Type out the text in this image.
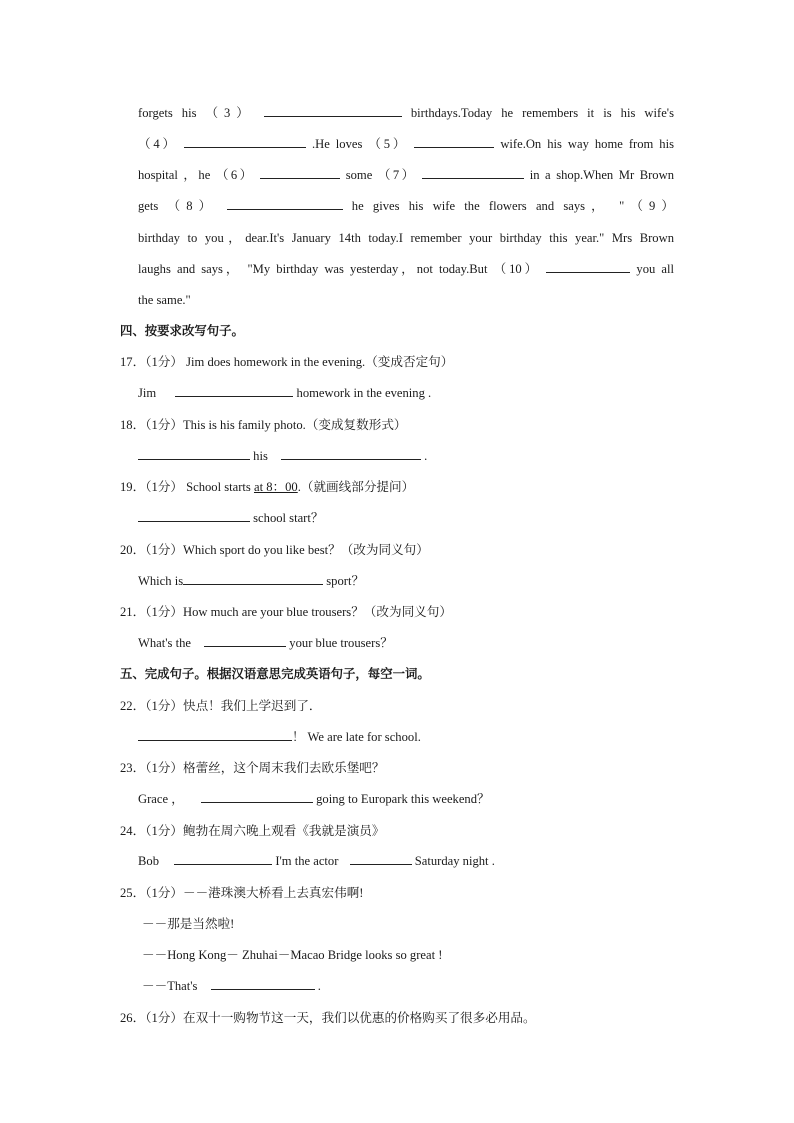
forgets his （3）	birthdays.Today he remembers it is his wife's
（4）	.He loves （5）	wife.On his way home from his
hospital ，he （6）	some （7）	in a shop.When Mr Brown
gets （8）	he gives his wife the flowers and says， "（9）
birthday to you，dear.It's January 14th today.I remember your birthday this year." Mrs Brown
laughs and says， "My birthday was yesterday，not today.But （10）	you all
the same."
四、按要求改写句子。
17．（1分） Jim does homework in the evening.（变成否定句）
Jim	homework in the evening .
18．（1分）This is his family photo.（变成复数形式）
his	.
19．（1分） School starts at 8：00.（就画线部分提问）
school start？
20．（1分）Which sport do you like best？（改为同义句）
Which is	sport？
21．（1分）How much are your blue trousers？（改为同义句）
What's the	your blue trousers？
五、完成句子。根据汉语意思完成英语句子，每空一词。
22．（1分）快点！我们上学迟到了．
！ We are late for school.
23．（1分）格蕾丝，这个周末我们去欧乐堡吧？
Grace ，	going to Europark this weekend？
24．（1分）鲍勃在周六晚上观看《我就是演员》
Bob	I'm the actor	Saturday night .
25．（1分）－－港珠澳大桥看上去真宏伟啊!
－－那是当然啦!
－－Hong Kong－ Zhuhai－Macao Bridge looks so great !
－－That's	.
26．（1分）在双十一购物节这一天，我们以优惠的价格购买了很多必用品。
